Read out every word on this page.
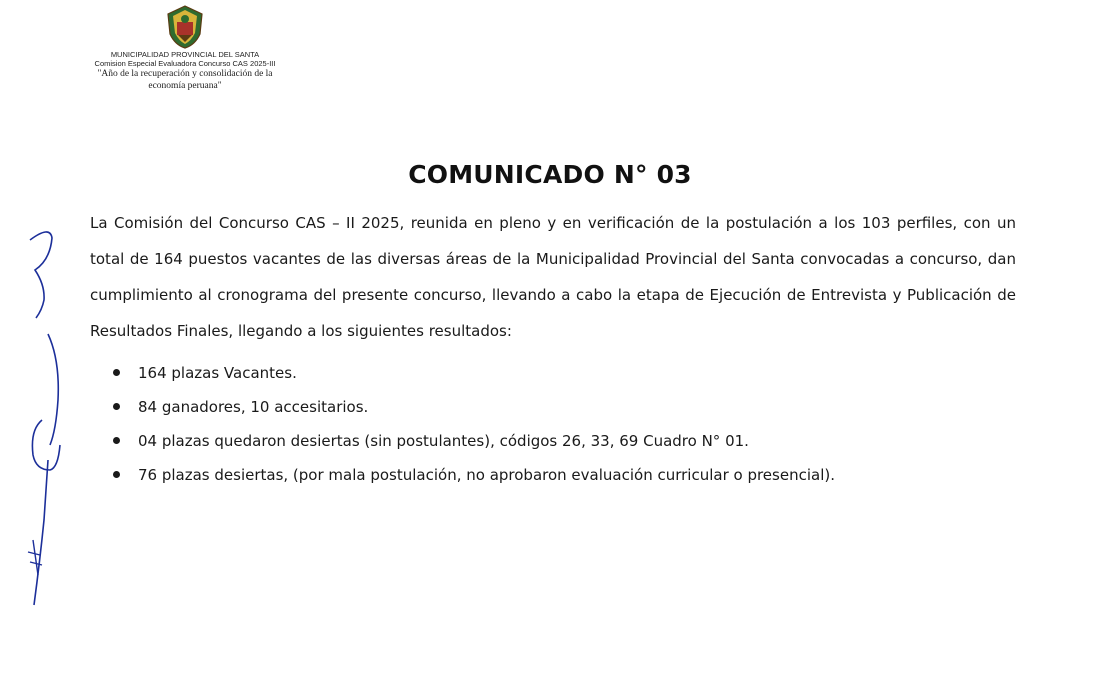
MUNICIPALIDAD PROVINCIAL DEL SANTA
Comision Especial Evaluadora Concurso CAS 2025-III
"Año de la recuperación y consolidación de la
economía peruana"
COMUNICADO N° 03
La Comisión del Concurso CAS – II 2025, reunida en pleno y en verificación de la postulación a los 103 perfiles, con un total de 164 puestos vacantes de las diversas áreas de la Municipalidad Provincial del Santa convocadas a concurso, dan cumplimiento al cronograma del presente concurso, llevando a cabo la etapa de Ejecución de Entrevista y Publicación de Resultados Finales, llegando a los siguientes resultados:
164 plazas Vacantes.
84 ganadores, 10 accesitarios.
04 plazas quedaron desiertas (sin postulantes), códigos 26, 33, 69 Cuadro N° 01.
76 plazas desiertas, (por mala postulación, no aprobaron evaluación curricular o presencial).
